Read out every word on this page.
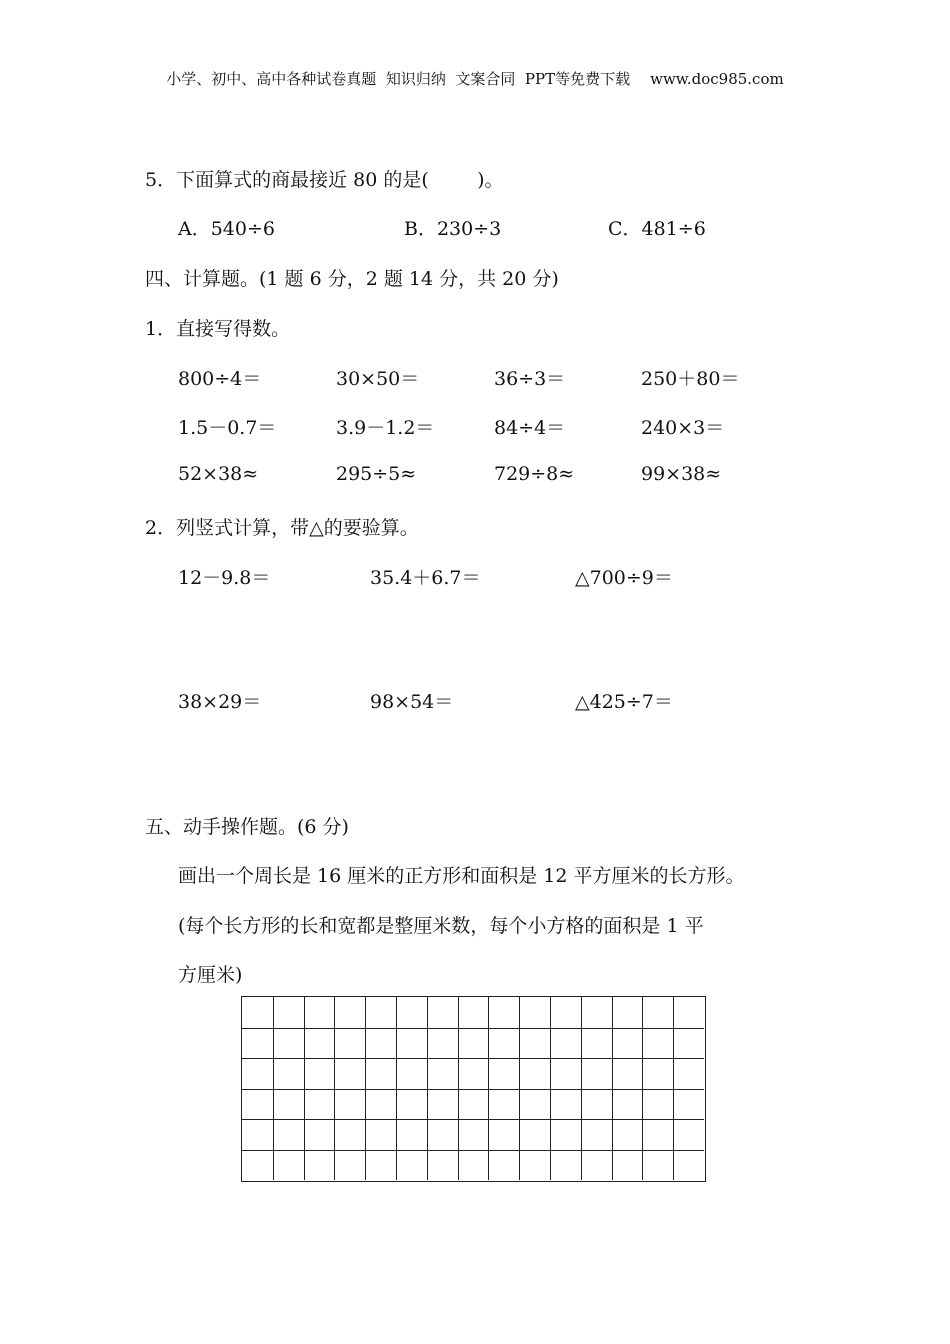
小学、初中、高中各种试卷真题  知识归纳  文案合同  PPT等免费下载 www.doc985.com
5．下面算式的商最接近 80 的是(        )。
A．540÷6	B．230÷3	C．481÷6
四、计算题。(1 题 6 分，2 题 14 分，共 20 分)
1．直接写得数。
800÷4＝	30×50＝	36÷3＝	250＋80＝
1.5－0.7＝	3.9－1.2＝	84÷4＝	240×3＝
52×38≈	295÷5≈	729÷8≈	99×38≈
2．列竖式计算，带△的要验算。
12－9.8＝	35.4＋6.7＝	△700÷9＝
38×29＝	98×54＝	△425÷7＝
五、动手操作题。(6 分)
画出一个周长是 16 厘米的正方形和面积是 12 平方厘米的长方形。
(每个长方形的长和宽都是整厘米数，每个小方格的面积是 1 平
方厘米)
